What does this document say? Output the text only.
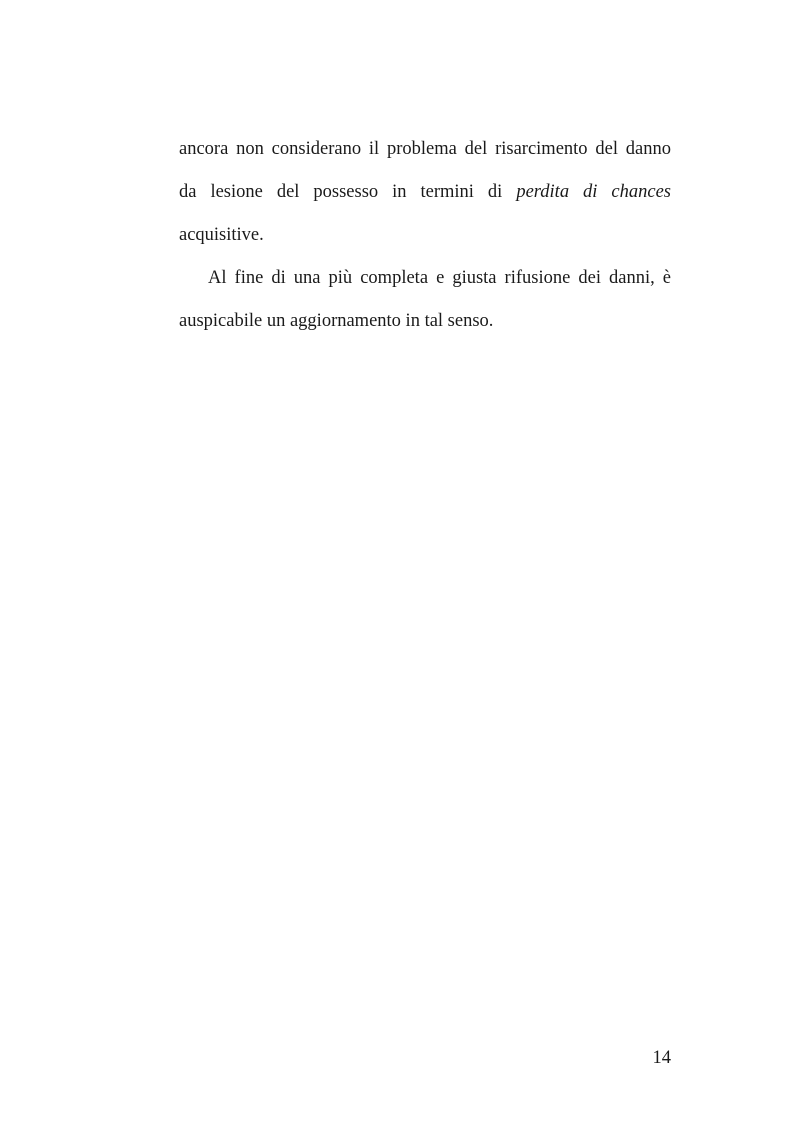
ancora non considerano il problema del risarcimento del danno
da lesione del possesso in termini di perdita di chances
acquisitive.
Al fine di una più completa e giusta rifusione dei danni, è
auspicabile un aggiornamento in tal senso.
14
